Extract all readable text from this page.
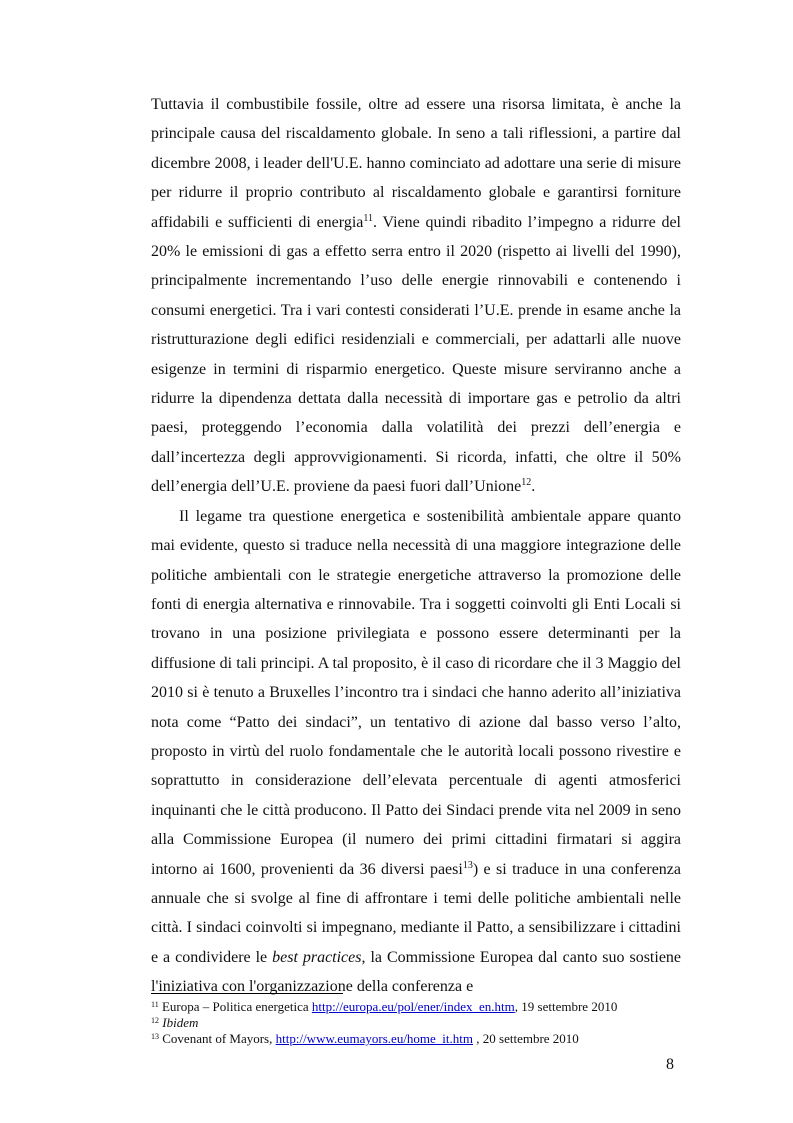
Tuttavia il combustibile fossile, oltre ad essere una risorsa limitata, è anche la principale causa del riscaldamento globale. In seno a tali riflessioni, a partire dal dicembre 2008, i leader dell'U.E. hanno cominciato ad adottare una serie di misure per ridurre il proprio contributo al riscaldamento globale e garantirsi forniture affidabili e sufficienti di energia$^{11}$. Viene quindi ribadito l’impegno a ridurre del 20% le emissioni di gas a effetto serra entro il 2020 (rispetto ai livelli del 1990), principalmente incrementando l’uso delle energie rinnovabili e contenendo i consumi energetici. Tra i vari contesti considerati l’U.E. prende in esame anche la ristrutturazione degli edifici residenziali e commerciali, per adattarli alle nuove esigenze in termini di risparmio energetico. Queste misure serviranno anche a ridurre la dipendenza dettata dalla necessità di importare gas e petrolio da altri paesi, proteggendo l’economia dalla volatilità dei prezzi dell’energia e dall’incertezza degli approvvigionamenti. Si ricorda, infatti, che oltre il 50% dell’energia dell’U.E. proviene da paesi fuori dall’Unione$^{12}$.

Il legame tra questione energetica e sostenibilità ambientale appare quanto mai evidente, questo si traduce nella necessità di una maggiore integrazione delle politiche ambientali con le strategie energetiche attraverso la promozione delle fonti di energia alternativa e rinnovabile. Tra i soggetti coinvolti gli Enti Locali si trovano in una posizione privilegiata e possono essere determinanti per la diffusione di tali principi. A tal proposito, è il caso di ricordare che il 3 Maggio del 2010 si è tenuto a Bruxelles l’incontro tra i sindaci che hanno aderito all’iniziativa nota come “Patto dei sindaci”, un tentativo di azione dal basso verso l’alto, proposto in virtù del ruolo fondamentale che le autorità locali possono rivestire e soprattutto in considerazione dell’elevata percentuale di agenti atmosferici inquinanti che le città producono. Il Patto dei Sindaci prende vita nel 2009 in seno alla Commissione Europea (il numero dei primi cittadini firmatari si aggira intorno ai 1600, provenienti da 36 diversi paesi$^{13}$) e si traduce in una conferenza annuale che si svolge al fine di affrontare i temi delle politiche ambientali nelle città. I sindaci coinvolti si impegnano, mediante il Patto, a sensibilizzare i cittadini e a condividere le best practices, la Commissione Europea dal canto suo sostiene l'iniziativa con l'organizzazione della conferenza e

$^{11}$ Europa – Politica energetica http://europa.eu/pol/ener/index_en.htm, 19 settembre 2010

$^{12}$ Ibidem

$^{13}$ Covenant of Mayors, http://www.eumayors.eu/home_it.htm , 20 settembre 2010

8
